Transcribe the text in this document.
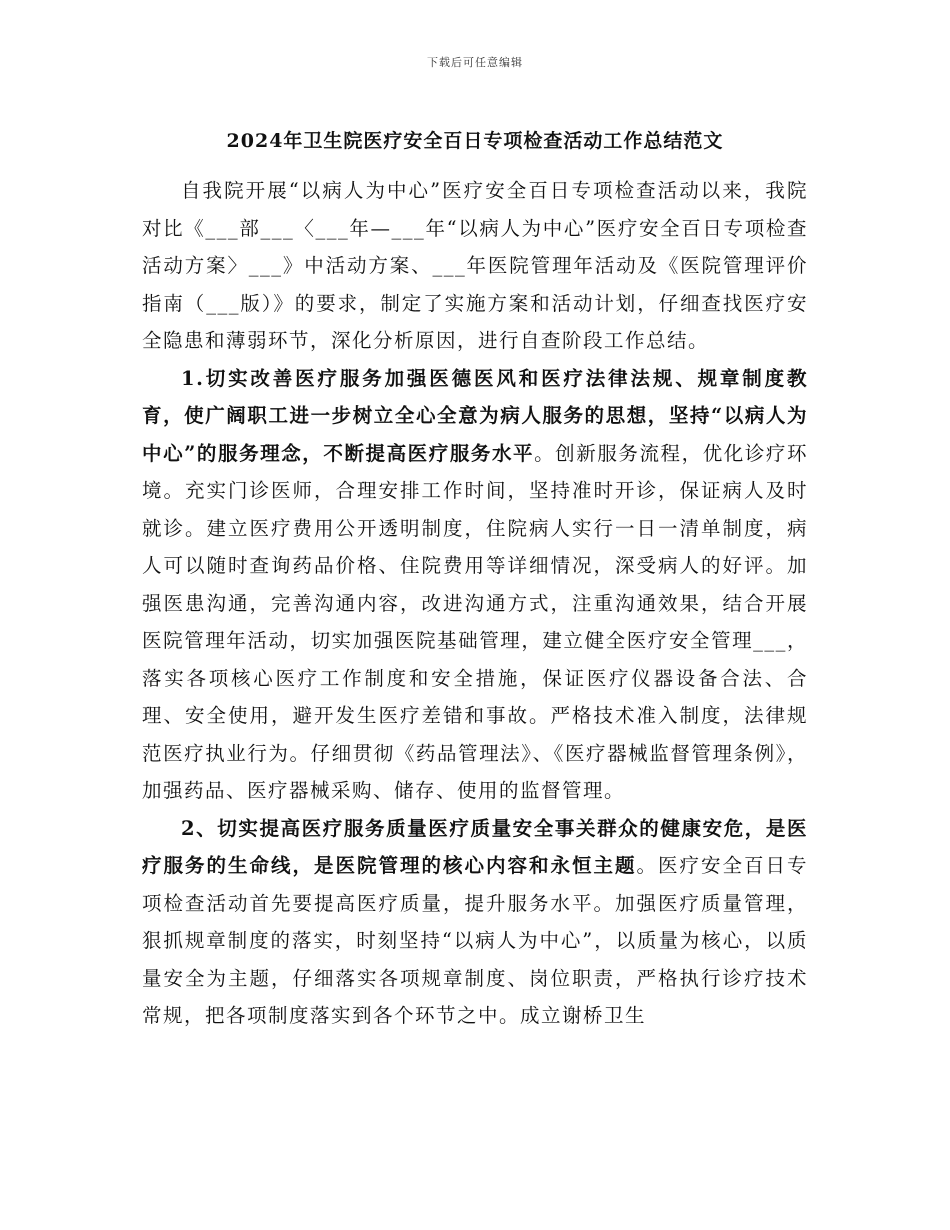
下载后可任意编辑
2024年卫生院医疗安全百日专项检查活动工作总结范文

自我院开展“以病人为中心”医疗安全百日专项检查活动以来，我院对比《___部___〈___年—___年“以病人为中心”医疗安全百日专项检查活动方案〉___》中活动方案、___年医院管理年活动及《医院管理评价指南（___版）》的要求，制定了实施方案和活动计划，仔细查找医疗安全隐患和薄弱环节，深化分析原因，进行自查阶段工作总结。

1.切实改善医疗服务加强医德医风和医疗法律法规、规章制度教育，使广阔职工进一步树立全心全意为病人服务的思想，坚持“以病人为中心”的服务理念，不断提高医疗服务水平。创新服务流程，优化诊疗环境。充实门诊医师，合理安排工作时间，坚持准时开诊，保证病人及时就诊。建立医疗费用公开透明制度，住院病人实行一日一清单制度，病人可以随时查询药品价格、住院费用等详细情况，深受病人的好评。加强医患沟通，完善沟通内容，改进沟通方式，注重沟通效果，结合开展医院管理年活动，切实加强医院基础管理，建立健全医疗安全管理___，落实各项核心医疗工作制度和安全措施，保证医疗仪器设备合法、合理、安全使用，避开发生医疗差错和事故。严格技术准入制度，法律规范医疗执业行为。仔细贯彻《药品管理法》、《医疗器械监督管理条例》，加强药品、医疗器械采购、储存、使用的监督管理。

2、切实提高医疗服务质量医疗质量安全事关群众的健康安危，是医疗服务的生命线，是医院管理的核心内容和永恒主题。医疗安全百日专项检查活动首先要提高医疗质量，提升服务水平。加强医疗质量管理，狠抓规章制度的落实，时刻坚持“以病人为中心”，以质量为核心，以质量安全为主题，仔细落实各项规章制度、岗位职责，严格执行诊疗技术常规，把各项制度落实到各个环节之中。成立谢桥卫生
